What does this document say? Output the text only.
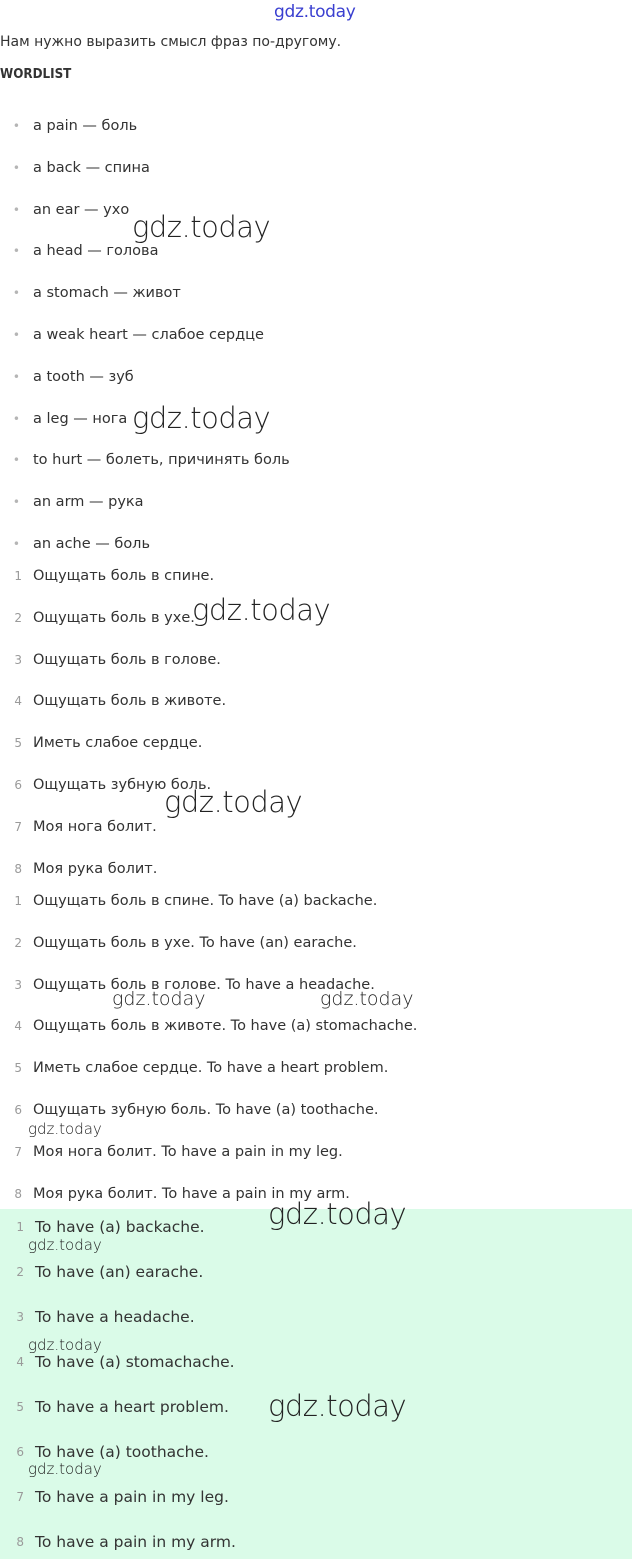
gdz.today
Нам нужно выразить смысл фраз по-другому.
WORDLIST
• a pain — боль
• a back — спина
• an ear — ухо
• a head — голова
• a stomach — живот
• a weak heart — слабое сердце
• a tooth — зуб
• a leg — нога
• to hurt — болеть, причинять боль
• an arm — рука
• an ache — боль
1 Ощущать боль в спине.
2 Ощущать боль в ухе.
3 Ощущать боль в голове.
4 Ощущать боль в животе.
5 Иметь слабое сердце.
6 Ощущать зубную боль.
7 Моя нога болит.
8 Моя рука болит.
1 Ощущать боль в спине. To have (a) backache.
2 Ощущать боль в ухе. To have (an) earache.
3 Ощущать боль в голове. To have a headache.
4 Ощущать боль в животе. To have (a) stomachache.
5 Иметь слабое сердце. To have a heart problem.
6 Ощущать зубную боль. To have (a) toothache.
7 Моя нога болит. To have a pain in my leg.
8 Моя рука болит. To have a pain in my arm.
1 To have (a) backache.
2 To have (an) earache.
3 To have a headache.
4 To have (a) stomachache.
5 To have a heart problem.
6 To have (a) toothache.
7 To have a pain in my leg.
8 To have a pain in my arm.
gdz.today
gdz.today
gdz.today
gdz.today
gdz.today	gdz.today
gdz.today
gdz.today
gdz.today
gdz.today
gdz.today
gdz.today
